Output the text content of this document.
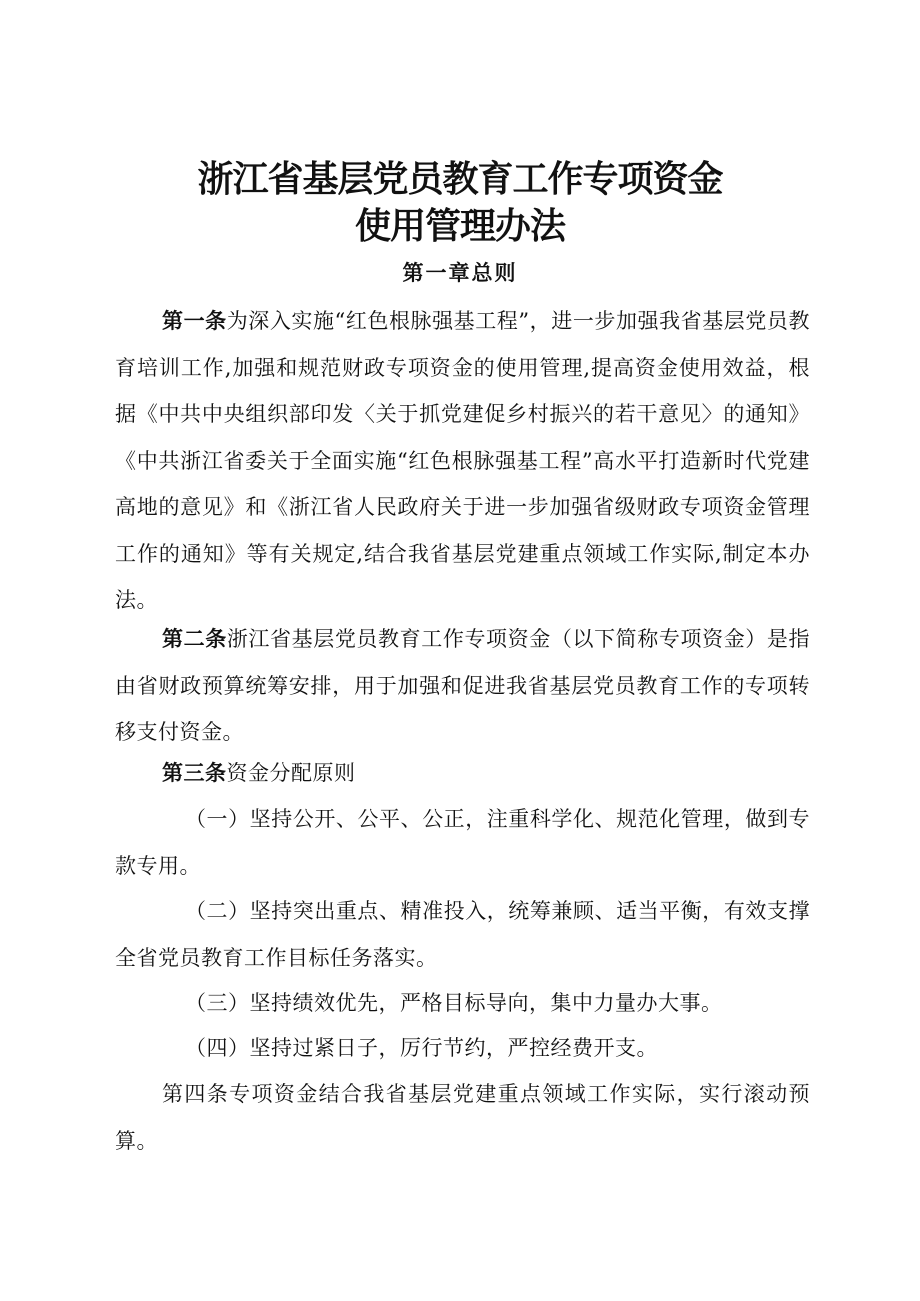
浙江省基层党员教育工作专项资金
使用管理办法
第一章总则

第一条为深入实施“红色根脉强基工程”，进一步加强我省基层党员教育培训工作,加强和规范财政专项资金的使用管理,提高资金使用效益，根据《中共中央组织部印发〈关于抓党建促乡村振兴的若干意见〉的通知》《中共浙江省委关于全面实施“红色根脉强基工程”高水平打造新时代党建高地的意见》和《浙江省人民政府关于进一步加强省级财政专项资金管理工作的通知》等有关规定,结合我省基层党建重点领域工作实际,制定本办法。

第二条浙江省基层党员教育工作专项资金（以下简称专项资金）是指由省财政预算统筹安排，用于加强和促进我省基层党员教育工作的专项转移支付资金。

第三条资金分配原则

（一）坚持公开、公平、公正，注重科学化、规范化管理，做到专款专用。

（二）坚持突出重点、精准投入，统筹兼顾、适当平衡，有效支撑全省党员教育工作目标任务落实。

（三）坚持绩效优先，严格目标导向，集中力量办大事。

（四）坚持过紧日子，厉行节约，严控经费开支。

第四条专项资金结合我省基层党建重点领域工作实际，实行滚动预算。
